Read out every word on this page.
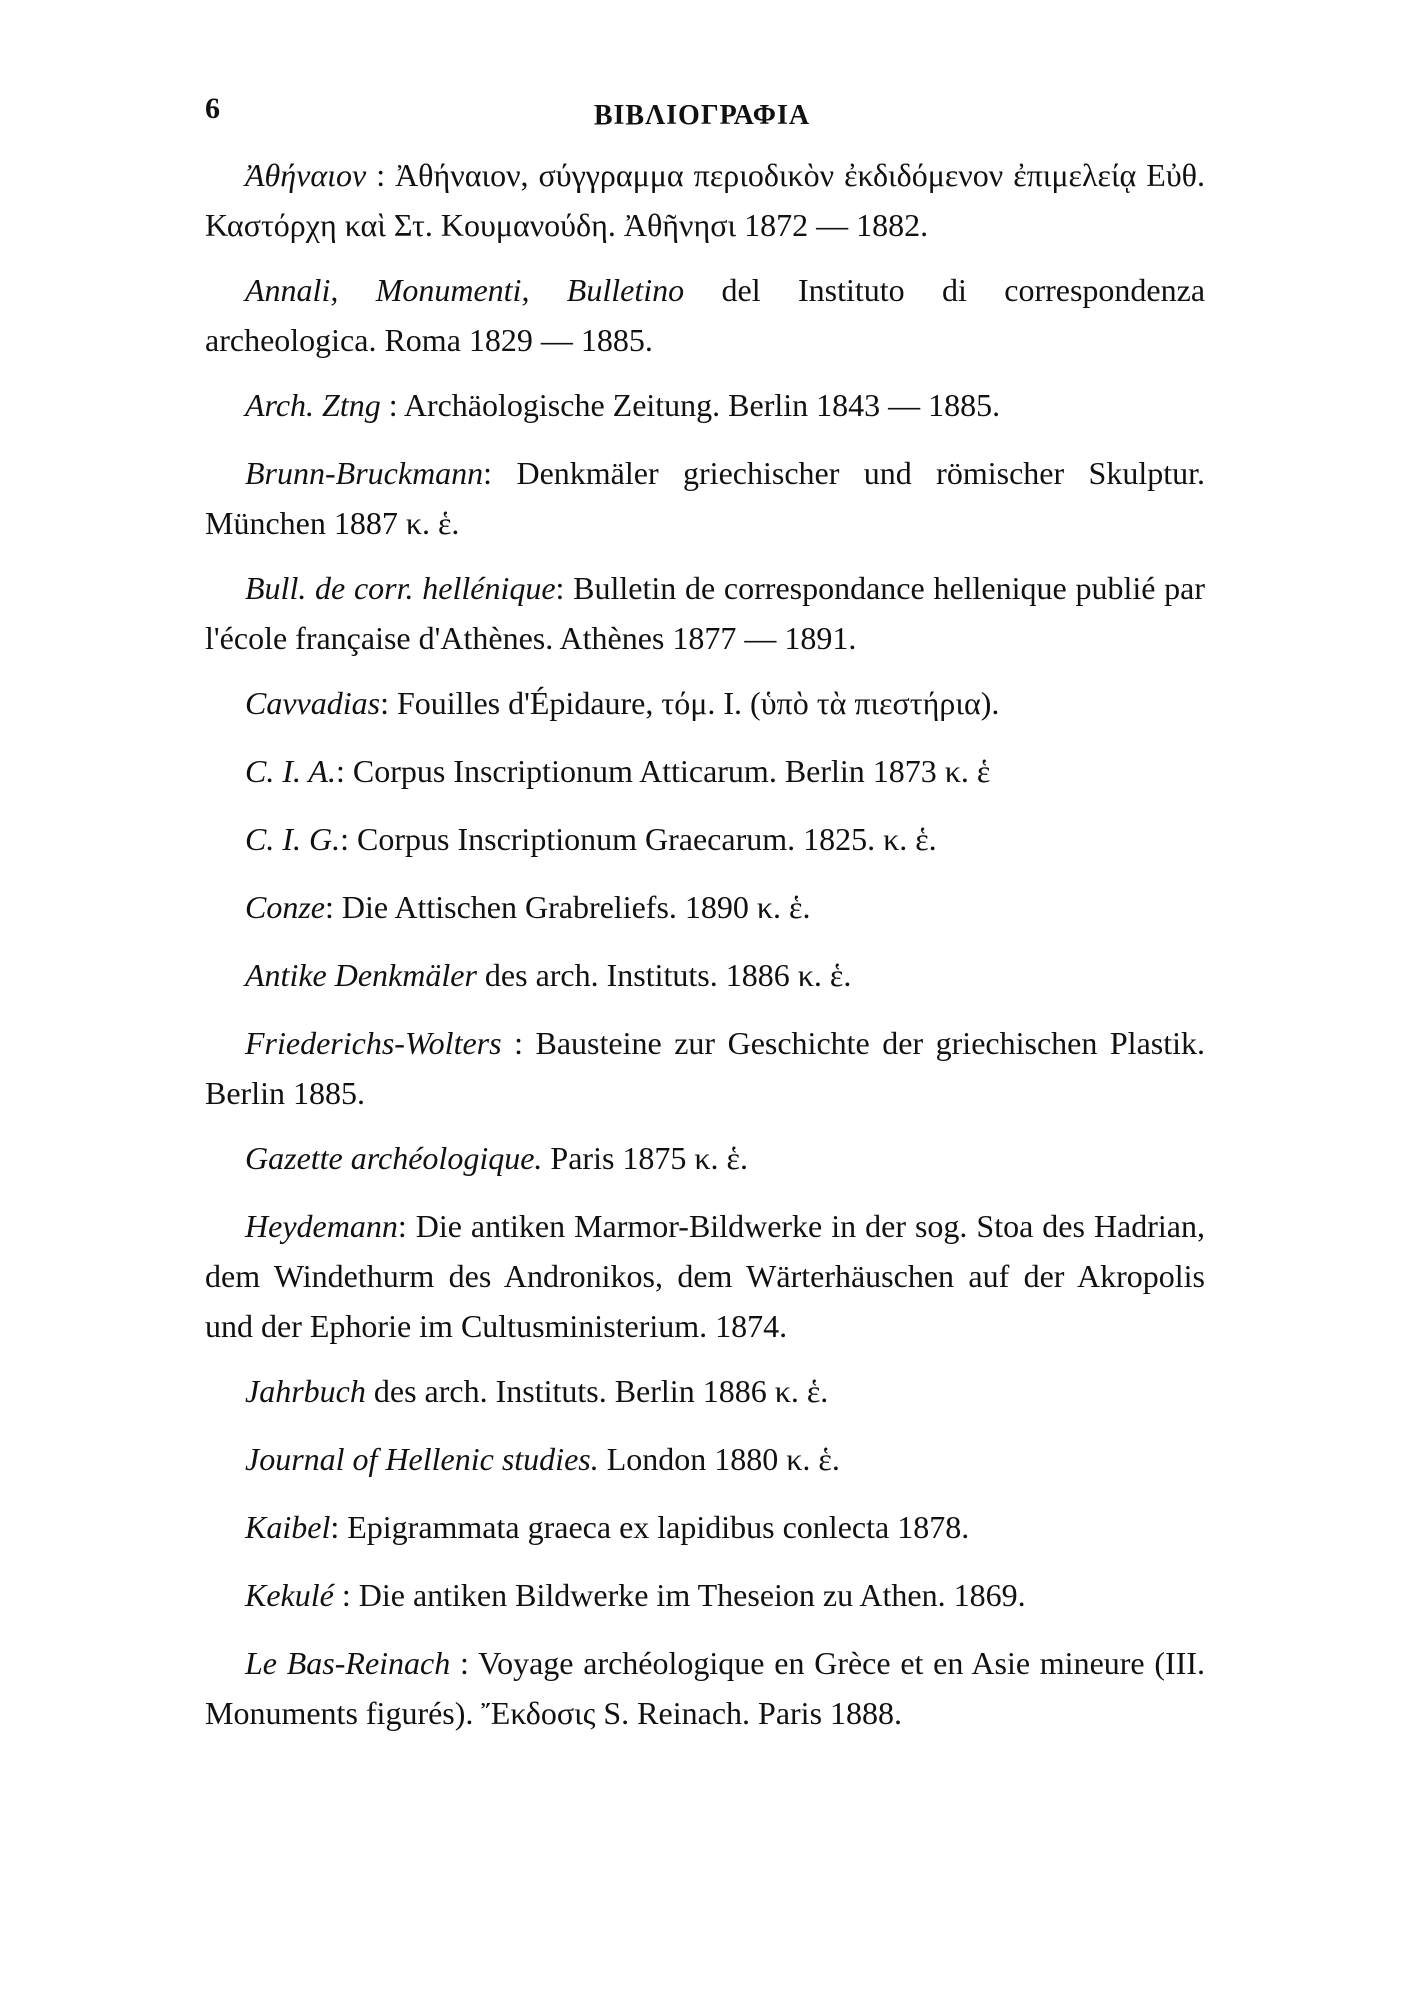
6	ΒΙΒΛΙΟΓΡΑΦΙΑ

Ἀθήναιον : Ἀθήναιον, σύγγραμμα περιοδικὸν ἐκδιδόμενον ἐπιμελείᾳ Εὐθ. Καστόρχη καὶ Στ. Κουμανούδη. Ἀθῆνησι 1872 — 1882.

Annali, Monumenti, Bulletino del Instituto di correspondenza archeologica. Roma 1829 — 1885.

Arch. Ztng : Archäologische Zeitung. Berlin 1843 — 1885.

Brunn-Bruckmann: Denkmäler griechischer und römischer Skulptur. München 1887 κ. ἑ.

Bull. de corr. hellénique: Bulletin de correspondance hellenique publié par l'école française d'Athènes. Athènes 1877 — 1891.

Cavvadias: Fouilles d'Épidaure, τόμ. I. (ὑπὸ τὰ πιεστήρια).

C. I. A.: Corpus Inscriptionum Atticarum. Berlin 1873 κ. ἑ

C. I. G.: Corpus Inscriptionum Graecarum. 1825. κ. ἑ.

Conze: Die Attischen Grabreliefs. 1890 κ. ἑ.

Antike Denkmäler des arch. Instituts. 1886 κ. ἑ.

Friederichs-Wolters : Bausteine zur Geschichte der griechischen Plastik. Berlin 1885.

Gazette archéologique. Paris 1875 κ. ἑ.

Heydemann: Die antiken Marmor-Bildwerke in der sog. Stoa des Hadrian, dem Windethurm des Andronikos, dem Wärterhäuschen auf der Akropolis und der Ephorie im Cultusministerium. 1874.

Jahrbuch des arch. Instituts. Berlin 1886 κ. ἑ.

Journal of Hellenic studies. London 1880 κ. ἑ.

Kaibel: Epigrammata graeca ex lapidibus conlecta 1878.

Kekulé : Die antiken Bildwerke im Theseion zu Athen. 1869.

Le Bas-Reinach : Voyage archéologique en Grèce et en Asie mineure (III. Monuments figurés). Ἔκδοσις S. Reinach. Paris 1888.
